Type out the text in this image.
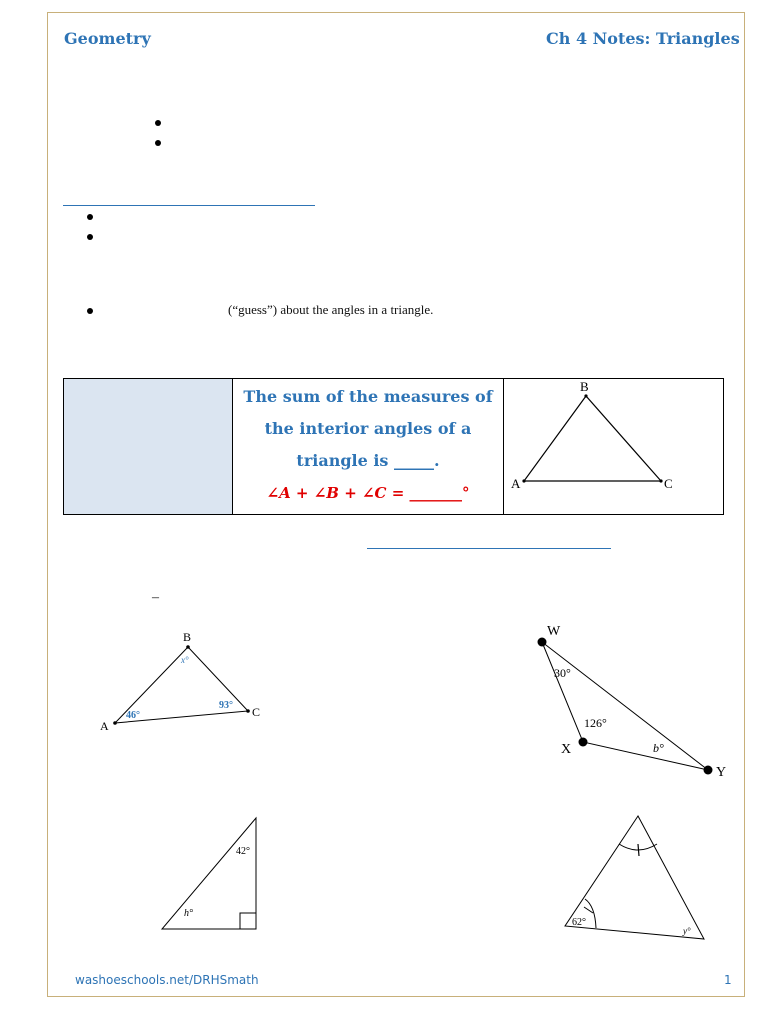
Geometry	Ch 4 Notes: Triangles
(“guess”) about the angles in a triangle.
The sum of the measures of
the interior angles of a
triangle is _____.
∠A + ∠B + ∠C = _______°
B
A	C
–
B
A
C
x°
46°
93°
W
X
Y
30°
126°
b°
42°
h°
62°
y°
washoeschools.net/DRHSmath	1
